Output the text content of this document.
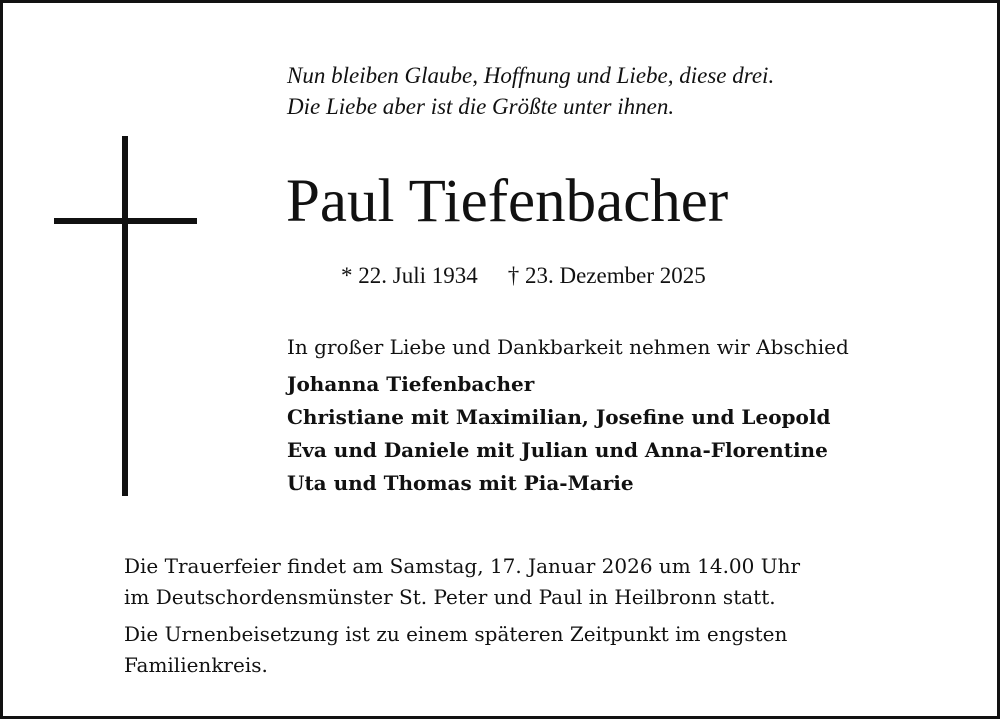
Nun bleiben Glaube, Hoffnung und Liebe, diese drei.
Die Liebe aber ist die Größte unter ihnen.
Paul Tiefenbacher
* 22. Juli 1934 † 23. Dezember 2025
In großer Liebe und Dankbarkeit nehmen wir Abschied
Johanna Tiefenbacher
Christiane mit Maximilian, Josefine und Leopold
Eva und Daniele mit Julian und Anna-Florentine
Uta und Thomas mit Pia-Marie
Die Trauerfeier findet am Samstag, 17. Januar 2026 um 14.00 Uhr
im Deutschordensmünster St. Peter und Paul in Heilbronn statt.
Die Urnenbeisetzung ist zu einem späteren Zeitpunkt im engsten
Familienkreis.
